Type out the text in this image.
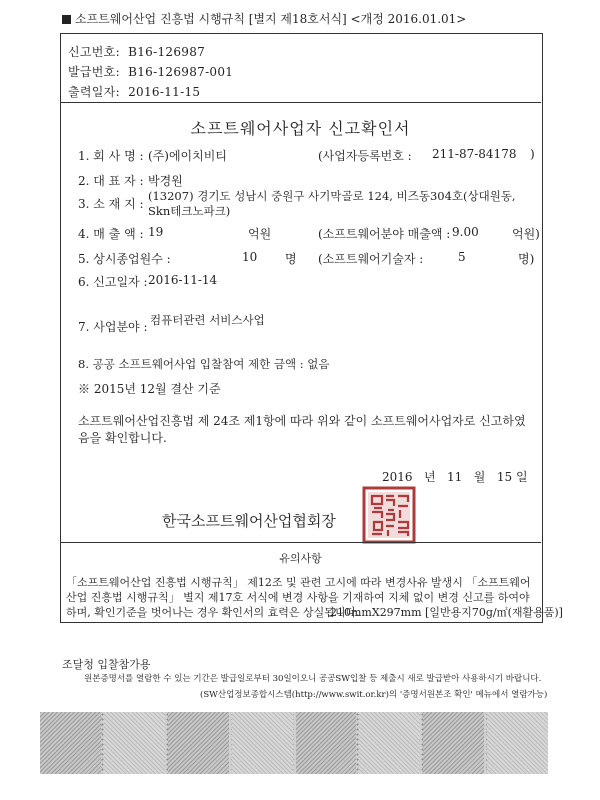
소프트웨어산업 진흥법 시행규칙 [별지 제18호서식] <개정 2016.01.01>
신고번호: B16-126987
발급번호: B16-126987-001
출력일자: 2016-11-15
소프트웨어사업자 신고확인서
1. 회 사 명 : (주)에이치비티	(사업자등록번호 : 211-87-84178 )
2. 대 표 자 : 박경원
3. 소 재 지 :
(13207) 경기도 성남시 중원구 사기막골로 124, 비즈동304호(상대원동,
Skn테크노파크)
4. 매 출 액 : 19	억원	(소프트웨어분야 매출액 : 9.00	억원)
5. 상시종업원수 :	10 명 (소프트웨어기술자 :	5	명)
6. 신고일자 : 2016-11-14
7. 사업분야 : 컴퓨터관련 서비스사업
8. 공공 소프트웨어사업 입찰참여 제한 금액 : 없음
※ 2015년 12월 결산 기준
소프트웨어산업진흥법 제 24조 제1항에 따라 위와 같이 소프트웨어사업자로 신고하였음을 확인합니다.
2016 년 11 월 15 일
한국소프트웨어산업협회장
유의사항
「소프트웨어산업 진흥법 시행규칙」 제12조 및 관련 고시에 따라 변경사유 발생시 「소프트웨어산업 진흥법 시행규칙」 별지 제17호 서식에 변경 사항을 기재하여 지체 없이 변경 신고를 하여야 하며, 확인기준을 벗어나는 경우 확인서의 효력은 상실됩니다.
210mmX297mm [일반용지70g/㎡(재활용품)]
조달청 입찰참가용
원본증명서를 열람한 수 있는 기간은 발급일로부터 30일이오니 공공SW입찰 등 제출시 새로 발급받아 사용하시기 바랍니다.
(SW산업정보종합시스템(http://www.swit.or.kr)의 '증명서원본조 확인' 메뉴에서 열람가능)
